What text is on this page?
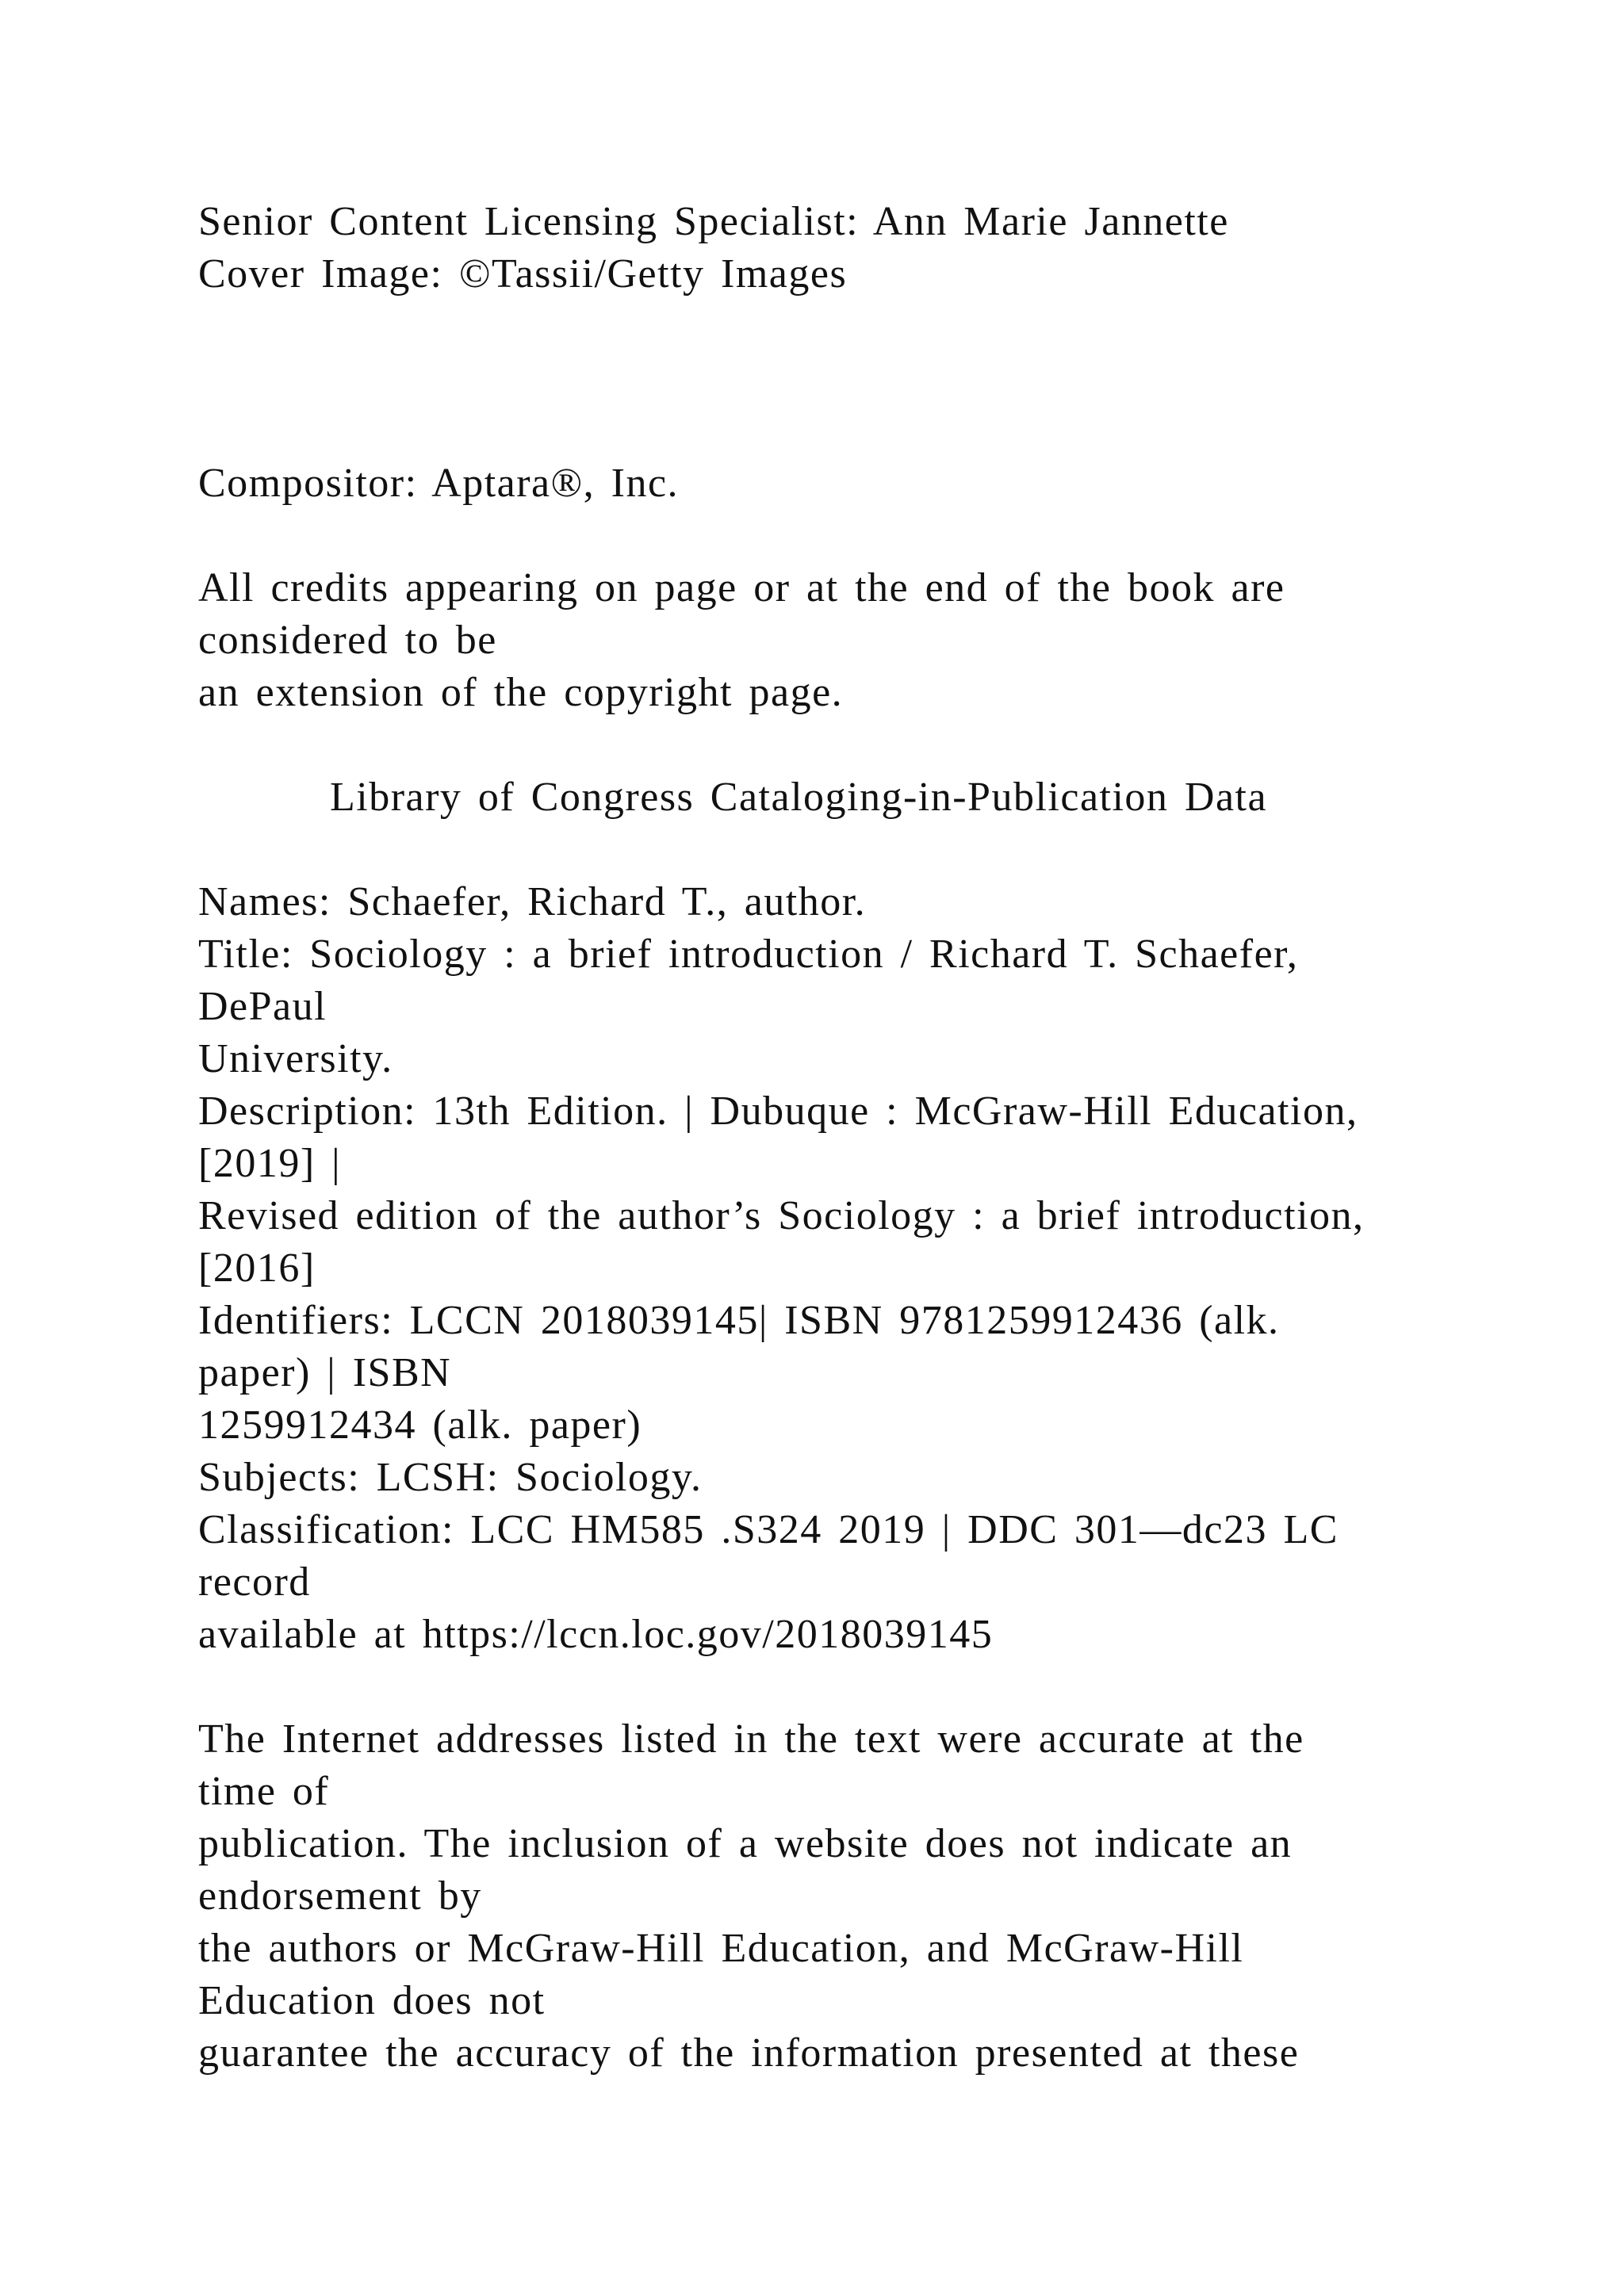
Senior Content Licensing Specialist: Ann Marie Jannette
Cover Image: ©Tassii/Getty Images
Compositor: Aptara®, Inc.
All credits appearing on page or at the end of the book are
considered to be
an extension of the copyright page.
Library of Congress Cataloging-in-Publication Data
Names: Schaefer, Richard T., author.
Title: Sociology : a brief introduction / Richard T. Schaefer,
DePaul
University.
Description: 13th Edition. | Dubuque : McGraw-Hill Education,
[2019] |
Revised edition of the author’s Sociology : a brief introduction,
[2016]
Identifiers: LCCN 2018039145| ISBN 9781259912436 (alk.
paper) | ISBN
1259912434 (alk. paper)
Subjects: LCSH: Sociology.
Classification: LCC HM585 .S324 2019 | DDC 301—dc23 LC
record
available at https://lccn.loc.gov/2018039145
The Internet addresses listed in the text were accurate at the
time of
publication. The inclusion of a website does not indicate an
endorsement by
the authors or McGraw-Hill Education, and McGraw-Hill
Education does not
guarantee the accuracy of the information presented at these
